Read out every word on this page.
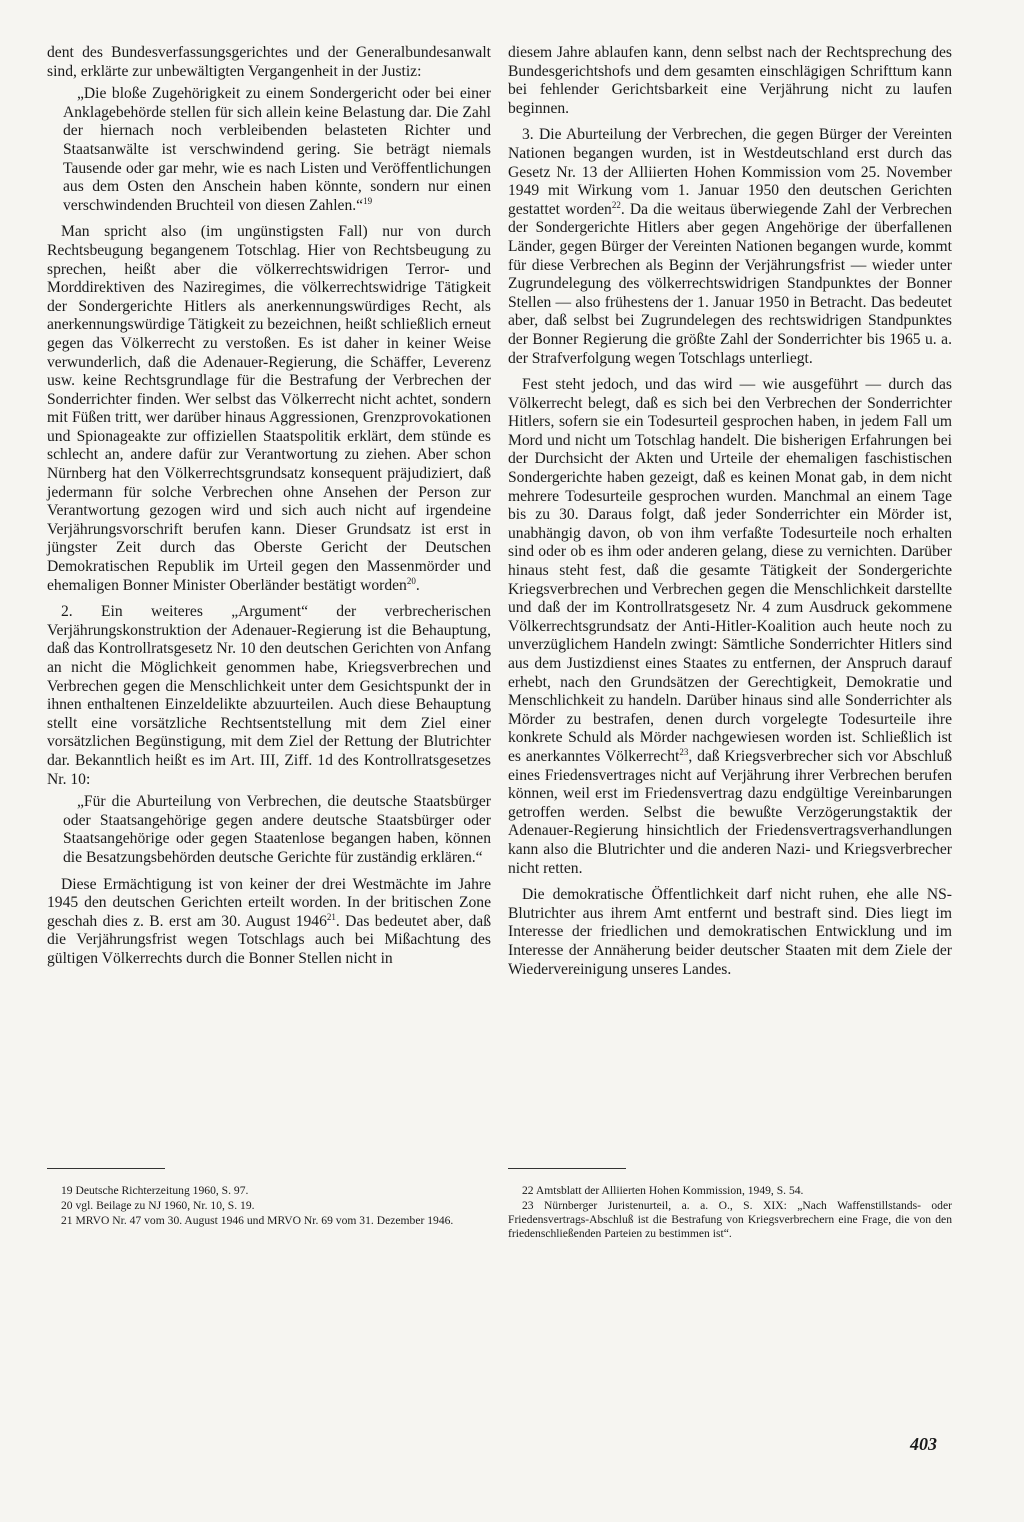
dent des Bundesverfassungsgerichtes und der Generalbundesanwalt sind, erklärte zur unbewältigten Vergangenheit in der Justiz:

„Die bloße Zugehörigkeit zu einem Sondergericht oder bei einer Anklagebehörde stellen für sich allein keine Belastung dar. Die Zahl der hiernach noch verbleibenden belasteten Richter und Staatsanwälte ist verschwindend gering. Sie beträgt niemals Tausende oder gar mehr, wie es nach Listen und Veröffentlichungen aus dem Osten den Anschein haben könnte, sondern nur einen verschwindenden Bruchteil von diesen Zahlen.“$^{19}$

Man spricht also (im ungünstigsten Fall) nur von durch Rechtsbeugung begangenem Totschlag. Hier von Rechtsbeugung zu sprechen, heißt aber die völkerrechtswidrigen Terror- und Morddirektiven des Naziregimes, die völkerrechtswidrige Tätigkeit der Sondergerichte Hitlers als anerkennungswürdiges Recht, als anerkennungswürdige Tätigkeit zu bezeichnen, heißt schließlich erneut gegen das Völkerrecht zu verstoßen. Es ist daher in keiner Weise verwunderlich, daß die Adenauer-Regierung, die Schäffer, Leverenz usw. keine Rechtsgrundlage für die Bestrafung der Verbrechen der Sonderrichter finden. Wer selbst das Völkerrecht nicht achtet, sondern mit Füßen tritt, wer darüber hinaus Aggressionen, Grenzprovokationen und Spionageakte zur offiziellen Staatspolitik erklärt, dem stünde es schlecht an, andere dafür zur Verantwortung zu ziehen. Aber schon Nürnberg hat den Völkerrechtsgrundsatz konsequent präjudiziert, daß jedermann für solche Verbrechen ohne Ansehen der Person zur Verantwortung gezogen wird und sich auch nicht auf irgendeine Verjährungsvorschrift berufen kann. Dieser Grundsatz ist erst in jüngster Zeit durch das Oberste Gericht der Deutschen Demokratischen Republik im Urteil gegen den Massenmörder und ehemaligen Bonner Minister Oberländer bestätigt worden$^{20}$.

2. Ein weiteres „Argument“ der verbrecherischen Verjährungskonstruktion der Adenauer-Regierung ist die Behauptung, daß das Kontrollratsgesetz Nr. 10 den deutschen Gerichten von Anfang an nicht die Möglichkeit genommen habe, Kriegsverbrechen und Verbrechen gegen die Menschlichkeit unter dem Gesichtspunkt der in ihnen enthaltenen Einzeldelikte abzuurteilen. Auch diese Behauptung stellt eine vorsätzliche Rechtsentstellung mit dem Ziel einer vorsätzlichen Begünstigung, mit dem Ziel der Rettung der Blutrichter dar. Bekanntlich heißt es im Art. III, Ziff. 1d des Kontrollratsgesetzes Nr. 10:

„Für die Aburteilung von Verbrechen, die deutsche Staatsbürger oder Staatsangehörige gegen andere deutsche Staatsbürger oder Staatsangehörige oder gegen Staatenlose begangen haben, können die Besatzungsbehörden deutsche Gerichte für zuständig erklären.“

Diese Ermächtigung ist von keiner der drei Westmächte im Jahre 1945 den deutschen Gerichten erteilt worden. In der britischen Zone geschah dies z. B. erst am 30. August 1946$^{21}$. Das bedeutet aber, daß die Verjährungsfrist wegen Totschlags auch bei Mißachtung des gültigen Völkerrechts durch die Bonner Stellen nicht in

diesem Jahre ablaufen kann, denn selbst nach der Rechtsprechung des Bundesgerichtshofs und dem gesamten einschlägigen Schrifttum kann bei fehlender Gerichtsbarkeit eine Verjährung nicht zu laufen beginnen.

3. Die Aburteilung der Verbrechen, die gegen Bürger der Vereinten Nationen begangen wurden, ist in Westdeutschland erst durch das Gesetz Nr. 13 der Alliierten Hohen Kommission vom 25. November 1949 mit Wirkung vom 1. Januar 1950 den deutschen Gerichten gestattet worden$^{22}$. Da die weitaus überwiegende Zahl der Verbrechen der Sondergerichte Hitlers aber gegen Angehörige der überfallenen Länder, gegen Bürger der Vereinten Nationen begangen wurde, kommt für diese Verbrechen als Beginn der Verjährungsfrist — wieder unter Zugrundelegung des völkerrechtswidrigen Standpunktes der Bonner Stellen — also frühestens der 1. Januar 1950 in Betracht. Das bedeutet aber, daß selbst bei Zugrundelegen des rechtswidrigen Standpunktes der Bonner Regierung die größte Zahl der Sonderrichter bis 1965 u. a. der Strafverfolgung wegen Totschlags unterliegt.

Fest steht jedoch, und das wird — wie ausgeführt — durch das Völkerrecht belegt, daß es sich bei den Verbrechen der Sonderrichter Hitlers, sofern sie ein Todesurteil gesprochen haben, in jedem Fall um Mord und nicht um Totschlag handelt. Die bisherigen Erfahrungen bei der Durchsicht der Akten und Urteile der ehemaligen faschistischen Sondergerichte haben gezeigt, daß es keinen Monat gab, in dem nicht mehrere Todesurteile gesprochen wurden. Manchmal an einem Tage bis zu 30. Daraus folgt, daß jeder Sonderrichter ein Mörder ist, unabhängig davon, ob von ihm verfaßte Todesurteile noch erhalten sind oder ob es ihm oder anderen gelang, diese zu vernichten. Darüber hinaus steht fest, daß die gesamte Tätigkeit der Sondergerichte Kriegsverbrechen und Verbrechen gegen die Menschlichkeit darstellte und daß der im Kontrollratsgesetz Nr. 4 zum Ausdruck gekommene Völkerrechtsgrundsatz der Anti-Hitler-Koalition auch heute noch zu unverzüglichem Handeln zwingt: Sämtliche Sonderrichter Hitlers sind aus dem Justizdienst eines Staates zu entfernen, der Anspruch darauf erhebt, nach den Grundsätzen der Gerechtigkeit, Demokratie und Menschlichkeit zu handeln. Darüber hinaus sind alle Sonderrichter als Mörder zu bestrafen, denen durch vorgelegte Todesurteile ihre konkrete Schuld als Mörder nachgewiesen worden ist. Schließlich ist es anerkanntes Völkerrecht$^{23}$, daß Kriegsverbrecher sich vor Abschluß eines Friedensvertrages nicht auf Verjährung ihrer Verbrechen berufen können, weil erst im Friedensvertrag dazu endgültige Vereinbarungen getroffen werden. Selbst die bewußte Verzögerungstaktik der Adenauer-Regierung hinsichtlich der Friedensvertragsverhandlungen kann also die Blutrichter und die anderen Nazi- und Kriegsverbrecher nicht retten.

Die demokratische Öffentlichkeit darf nicht ruhen, ehe alle NS-Blutrichter aus ihrem Amt entfernt und bestraft sind. Dies liegt im Interesse der friedlichen und demokratischen Entwicklung und im Interesse der Annäherung beider deutscher Staaten mit dem Ziele der Wiedervereinigung unseres Landes.

19 Deutsche Richterzeitung 1960, S. 97.

20 vgl. Beilage zu NJ 1960, Nr. 10, S. 19.

21 MRVO Nr. 47 vom 30. August 1946 und MRVO Nr. 69 vom 31. Dezember 1946.

22 Amtsblatt der Alliierten Hohen Kommission, 1949, S. 54.

23 Nürnberger Juristenurteil, a. a. O., S. XIX: „Nach Waffenstillstands- oder Friedensvertrags-Abschluß ist die Bestrafung von Kriegsverbrechern eine Frage, die von den friedenschließenden Parteien zu bestimmen ist“.

403
